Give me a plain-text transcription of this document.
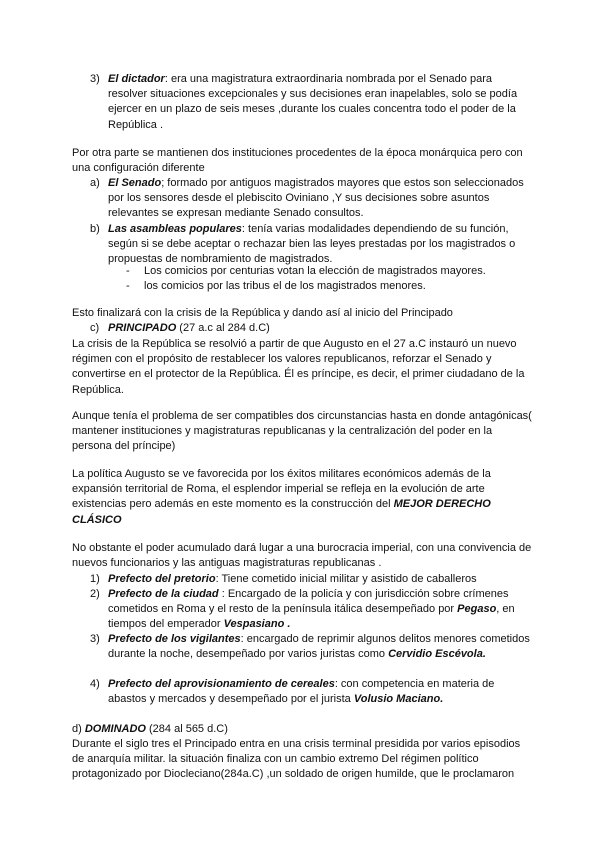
3) El dictador: era una magistratura extraordinaria nombrada por el Senado para resolver situaciones excepcionales y sus decisiones eran inapelables, solo se podía ejercer en un plazo de seis meses ,durante los cuales concentra todo el poder de la República .

Por otra parte se mantienen dos instituciones procedentes de la época monárquica pero con una configuración diferente

a) El Senado; formado por antiguos magistrados mayores que estos son seleccionados por los sensores desde el plebiscito Oviniano ,Y sus decisiones sobre asuntos relevantes se expresan mediante Senado consultos.

b) Las asambleas populares: tenía varias modalidades dependiendo de su función, según si se debe aceptar o rechazar bien las leyes prestadas por los magistrados o propuestas de nombramiento de magistrados.

- Los comicios por centurias votan la elección de magistrados mayores.

- los comicios por las tribus el de los magistrados menores.

Esto finalizará con la crisis de la República y dando así al inicio del Principado

c) PRINCIPADO (27 a.c al 284 d.C)

La crisis de la República se resolvió a partir de que Augusto en el 27 a.C instauró un nuevo régimen con el propósito de restablecer los valores republicanos, reforzar el Senado y convertirse en el protector de la República. Él es príncipe, es decir, el primer ciudadano de la República.

Aunque tenía el problema de ser compatibles dos circunstancias hasta en donde antagónicas( mantener instituciones y magistraturas republicanas y la centralización del poder en la persona del príncipe)

La política Augusto se ve favorecida por los éxitos militares económicos además de la expansión territorial de Roma, el esplendor imperial se refleja en la evolución de arte existencias pero además en este momento es la construcción del MEJOR DERECHO CLÁSICO

No obstante el poder acumulado dará lugar a una burocracia imperial, con una convivencia de nuevos funcionarios y las antiguas magistraturas republicanas .

1) Prefecto del pretorio: Tiene cometido inicial militar y asistido de caballeros

2) Prefecto de la ciudad : Encargado de la policía y con jurisdicción sobre crímenes cometidos en Roma y el resto de la península itálica desempeñado por Pegaso, en tiempos del emperador Vespasiano .

3) Prefecto de los vigilantes: encargado de reprimir algunos delitos menores cometidos durante la noche, desempeñado por varios juristas como Cervidio Escévola.

4) Prefecto del aprovisionamiento de cereales: con competencia en materia de abastos y mercados y desempeñado por el jurista Volusio Maciano.

d) DOMINADO (284 al 565 d.C)

Durante el siglo tres el Principado entra en una crisis terminal presidida por varios episodios de anarquía militar. la situación finaliza con un cambio extremo Del régimen político protagonizado por Diocleciano(284a.C) ,un soldado de origen humilde, que le proclamaron
